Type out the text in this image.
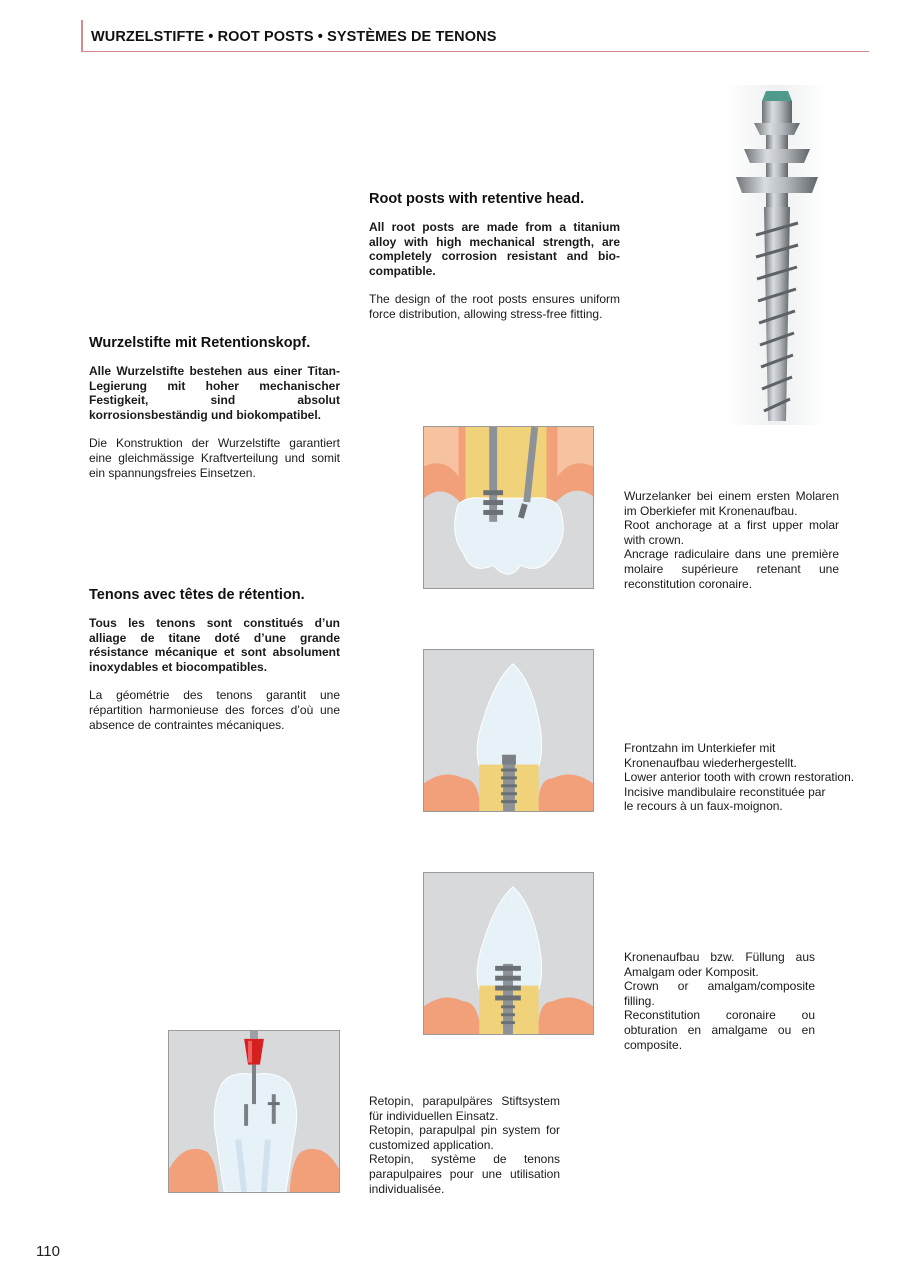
WURZELSTIFTE • ROOT POSTS • SYSTÈMES DE TENONS
Root posts with retentive head.

All root posts are made from a titanium alloy with high mechanical strength, are completely corrosion resistant and bio-compatible.

The design of the root posts ensures uniform force distribution, allowing stress-free fitting.

Wurzelstifte mit Retentionskopf.

Alle Wurzelstifte bestehen aus einer Titan-Legierung mit hoher mechanischer Festigkeit, sind absolut korrosionsbeständig und biokompatibel.

Die Konstruktion der Wurzelstifte garantiert eine gleichmässige Kraftverteilung und somit ein spannungsfreies Einsetzen.

Tenons avec têtes de rétention.

Tous les tenons sont constitués d’un alliage de titane doté d’une grande résistance mécanique et sont absolument inoxydables et biocompatibles.

La géométrie des tenons garantit une répartition harmonieuse des forces d’où une absence de contraintes mécaniques.

Wurzelanker bei einem ersten Molaren im Oberkiefer mit Kronenaufbau.

Root anchorage at a first upper molar with crown.

Ancrage radiculaire dans une première molaire supérieure retenant une reconstitution coronaire.

Frontzahn im Unterkiefer mit

Kronenaufbau wiederhergestellt.

Lower anterior tooth with crown restoration.

Incisive mandibulaire reconstituée par

le recours à un faux-moignon.

Kronenaufbau bzw. Füllung aus Amalgam oder Komposit.

Crown or amalgam/composite filling.

Reconstitution coronaire ou obturation en amalgame ou en composite.

Retopin, parapulpäres Stiftsystem für individuellen Einsatz.

Retopin, parapulpal pin system for customized application.

Retopin, système de tenons parapulpaires pour une utilisation individualisée.

110
